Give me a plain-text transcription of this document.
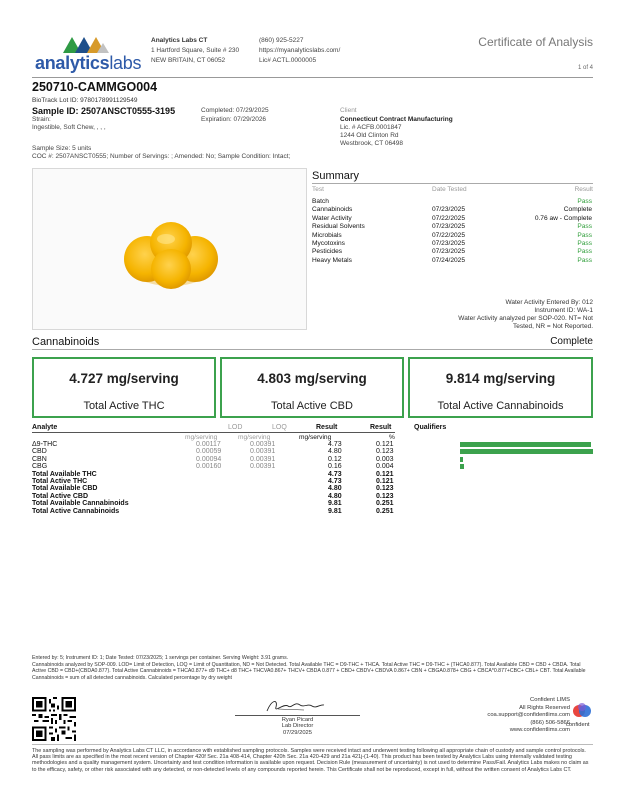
analyticslabs
Analytics Labs CT
1 Hartford Square, Suite # 230
NEW BRITAIN, CT 06052
(860) 925-5227
https://myanalyticslabs.com/
Lic# ACTL.0000005
Certificate of Analysis
1 of 4
250710-CAMMGO004
BioTrack Lot ID: 9780178991129549
Sample ID: 2507ANSCT0555-3195
Strain:
Ingestible, Soft Chew, , , ,
Completed: 07/29/2025
Expiration: 07/29/2026
Client
Connecticut Contract Manufacturing
Lic. # ACFB.0001847
1244 Old Clinton Rd
Westbrook, CT 06498
Sample Size: 5 units
COC #: 2507ANSCT0555; Number of Servings: ; Amended: No; Sample Condition: Intact;
Summary
Test	Date Tested	Result
Batch	Pass
Cannabinoids	07/23/2025	Complete
Water Activity	07/22/2025	0.76 aw - Complete
Residual Solvents	07/23/2025	Pass
Microbials	07/22/2025	Pass
Mycotoxins	07/23/2025	Pass
Pesticides	07/23/2025	Pass
Heavy Metals	07/24/2025	Pass
Water Activity Entered By: 012
Instrument ID: WA-1
Water Activity analyzed per SOP-020. NT= Not
Tested, NR = Not Reported.
Cannabinoids	Complete
4.727 mg/serving
Total Active THC
4.803 mg/serving
Total Active CBD
9.814 mg/serving
Total Active Cannabinoids
Analyte	LOD	LOQ	Result	Result	Qualifiers
mg/serving	mg/serving	mg/serving	%
Δ9-THC	0.00117	0.00391	4.73	0.121
CBD	0.00059	0.00391	4.80	0.123
CBN	0.00094	0.00391	0.12	0.003
CBG	0.00160	0.00391	0.16	0.004
Total Available THC	4.73	0.121
Total Active THC	4.73	0.121
Total Available CBD	4.80	0.123
Total Active CBD	4.80	0.123
Total Available Cannabinoids	9.81	0.251
Total Active Cannabinoids	9.81	0.251
Entered by: 5; Instrument ID: 1; Date Tested: 07/23/2025; 1 servings per container. Serving Weight: 3.91 grams.
Cannabinoids analyzed by SOP-009. LOD= Limit of Detection, LOQ = Limit of Quantitation, ND = Not Detected. Total Available THC = D9-THC + THCA. Total Active THC = D9-THC + (THCA0.877). Total Available CBD = CBD + CBDA. Total Active CBD = CBD+(CBDA0.877). Total Active Cannabinoids = THCA0.877+ d9 THC+ d8 THC+ THCVA0.867+ THCV+ CBDA 0.877 + CBD+ CBDV+ CBDVA 0.867+ CBN + CBGA0.878+ CBG + CBCA*0.877+CBC+ CBL+ CBT. Total Available Cannabinoids = sum of all detected cannabinoids. Calculated percentage by dry weight
Ryan Picard
Lab Director
07/29/2025
Confident LIMS
All Rights Reserved
coa.support@confidentlims.com
(866) 506-5866
www.confidentlims.com
confident
The sampling was performed by Analytics Labs CT LLC, in accordance with established sampling protocols. Samples were received intact and underwent testing following all appropriate chain of custody and sample control protocols. All pass limits are as specified in the most recent version of Chapter 420f Sec. 21a 408-414, Chapter 420h Sec. 21a 420-429 and 21a 421j-(1-40). This product has been tested by Analytics Labs using internally validated testing methodologies and a quality management system. Uncertainty and test condition information is available upon request. Decision Rule (measurement of uncertainty) is not used to determine Pass/Fail. Analytics Labs makes no claim as to the efficacy, safety, or other risk associated with any detected, or non-detected levels of any compounds reported herein. This Certificate shall not be reproduced, except in full, without the written consent of Analytics Labs CT.
